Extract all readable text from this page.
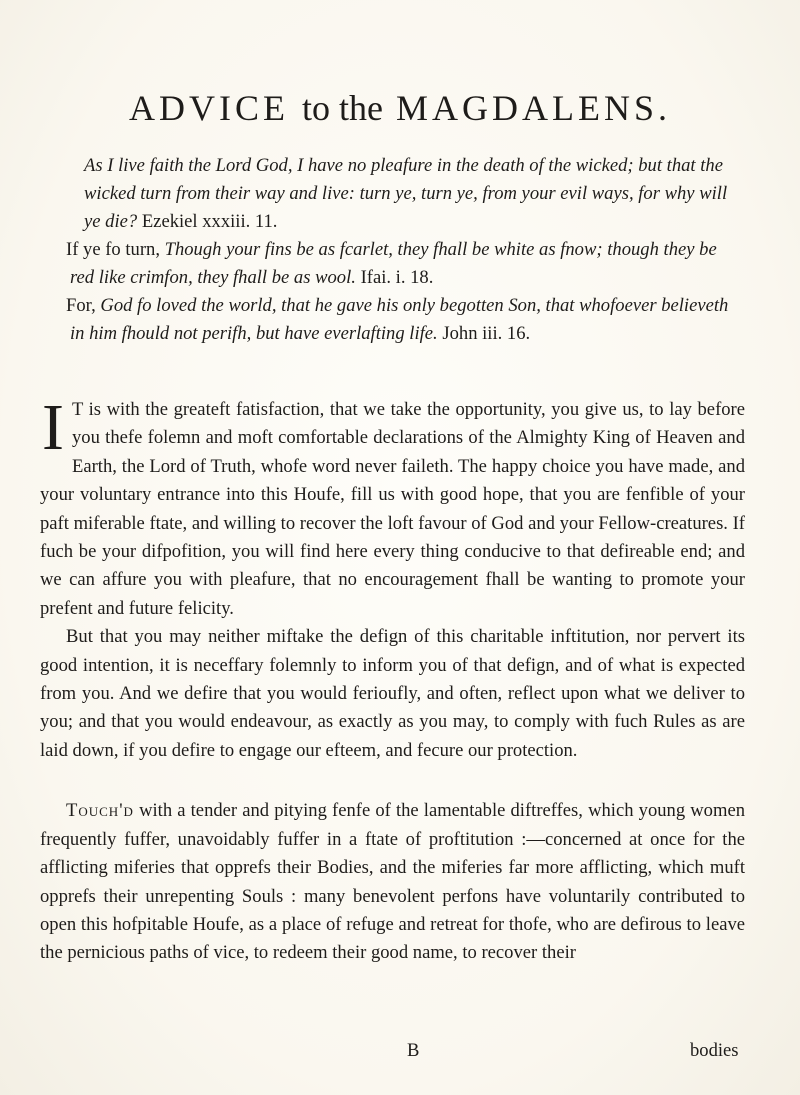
ADVICE to the MAGDALENS.

As I live faith the Lord God, I have no pleafure in the death of the wicked; but that the wicked turn from their way and live: turn ye, turn ye, from your evil ways, for why will ye die? Ezekiel xxxiii. 11.

If ye fo turn, Though your fins be as fcarlet, they fhall be white as fnow; though they be red like crimfon, they fhall be as wool. Ifai. i. 18.

For, God fo loved the world, that he gave his only begotten Son, that whofoever believeth in him fhould not perifh, but have everlafting life. John iii. 16.

I T is with the greateft fatisfaction, that we take the opportunity, you give us, to lay before you thefe folemn and moft comfortable declarations of the Almighty King of Heaven and Earth, the Lord of Truth, whofe word never faileth. The happy choice you have made, and your voluntary entrance into this Houfe, fill us with good hope, that you are fenfible of your paft miferable ftate, and willing to recover the loft favour of God and your Fellow-creatures. If fuch be your difpofition, you will find here every thing conducive to that defireable end; and we can affure you with pleafure, that no encouragement fhall be wanting to promote your prefent and future felicity.

But that you may neither miftake the defign of this charitable inftitution, nor pervert its good intention, it is neceffary folemnly to inform you of that defign, and of what is expected from you. And we defire that you would ferioufly, and often, reflect upon what we deliver to you; and that you would endeavour, as exactly as you may, to comply with fuch Rules as are laid down, if you defire to engage our efteem, and fecure our protection.

Touch'd with a tender and pitying fenfe of the lamentable diftreffes, which young women frequently fuffer, unavoidably fuffer in a ftate of proftitution :—concerned at once for the afflicting miferies that opprefs their Bodies, and the miferies far more afflicting, which muft opprefs their unrepenting Souls : many benevolent perfons have voluntarily contributed to open this hofpitable Houfe, as a place of refuge and retreat for thofe, who are defirous to leave the pernicious paths of vice, to redeem their good name, to recover their

B	bodies
